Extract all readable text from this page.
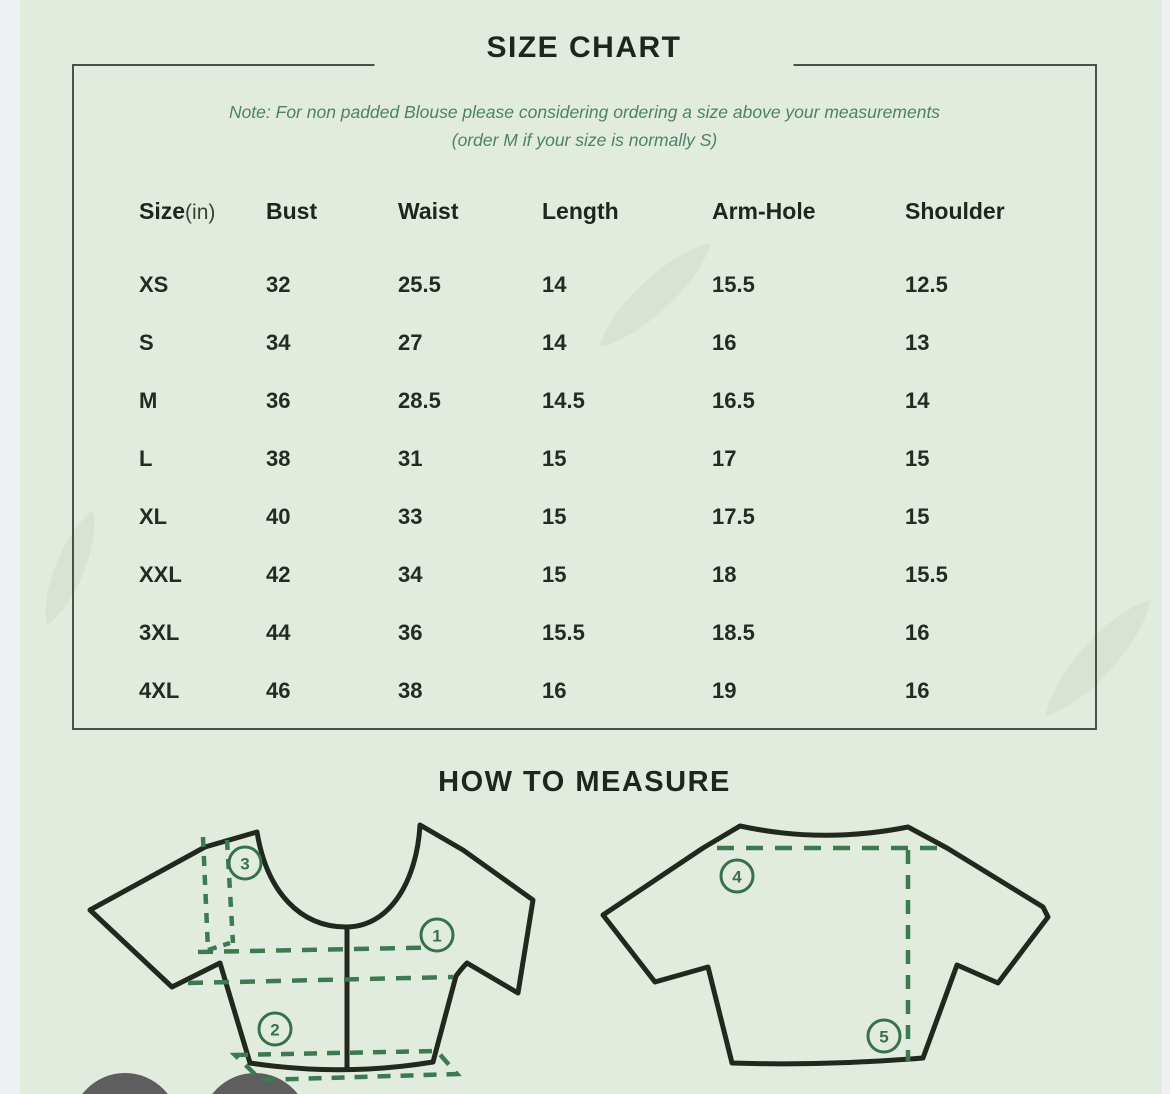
Note: For non padded Blouse please considering ordering a size above your measurements
(order M if your size is normally S)
Size(in)	Bust	Waist	Length	Arm-Hole	Shoulder
XS	32	25.5	14	15.5	12.5
S	34	27	14	16	13
M	36	28.5	14.5	16.5	14
L	38	31	15	17	15
XL	40	33	15	17.5	15
XXL	42	34	15	18	15.5
3XL	44	36	15.5	18.5	16
4XL	46	38	16	19	16
SIZE CHART
HOW TO MEASURE
1
2
3
4
5
